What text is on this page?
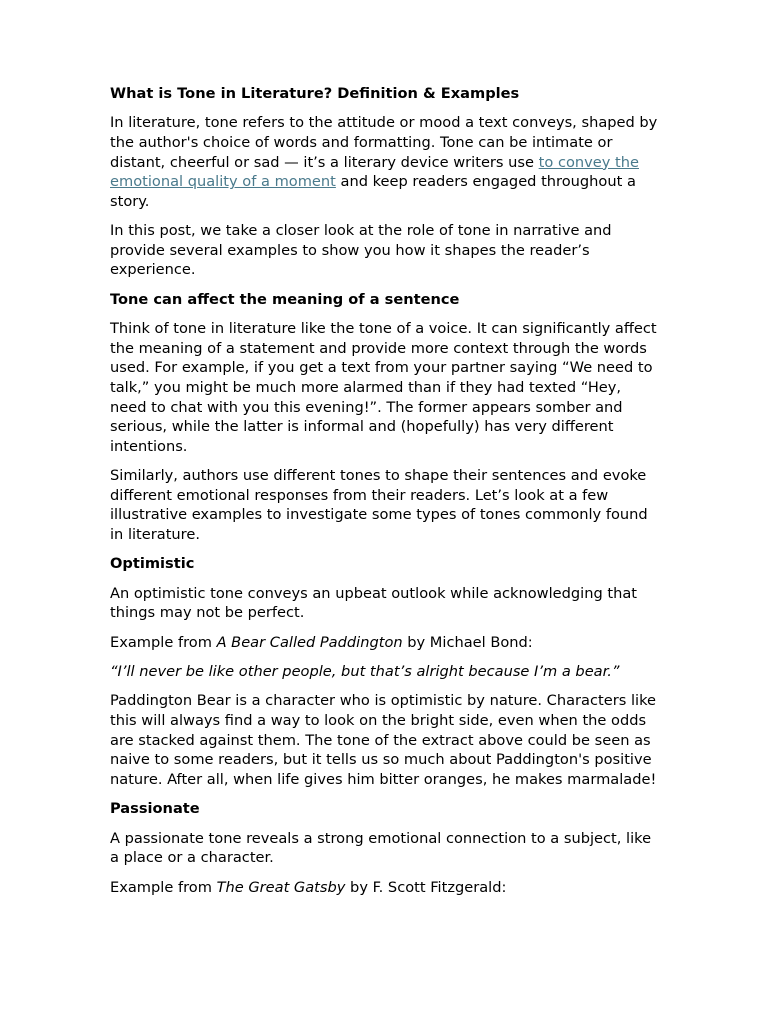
What is Tone in Literature? Definition & Examples

In literature, tone refers to the attitude or mood a text conveys, shaped by the author's choice of words and formatting. Tone can be intimate or distant, cheerful or sad — it’s a literary device writers use to convey the emotional quality of a moment and keep readers engaged throughout a story.

In this post, we take a closer look at the role of tone in narrative and provide several examples to show you how it shapes the reader’s experience.

Tone can affect the meaning of a sentence

Think of tone in literature like the tone of a voice. It can significantly affect the meaning of a statement and provide more context through the words used. For example, if you get a text from your partner saying “We need to talk,” you might be much more alarmed than if they had texted “Hey, need to chat with you this evening!”. The former appears somber and serious, while the latter is informal and (hopefully) has very different intentions.

Similarly, authors use different tones to shape their sentences and evoke different emotional responses from their readers. Let’s look at a few illustrative examples to investigate some types of tones commonly found in literature.

Optimistic

An optimistic tone conveys an upbeat outlook while acknowledging that things may not be perfect.

Example from A Bear Called Paddington by Michael Bond:

“I’ll never be like other people, but that’s alright because I’m a bear.”

Paddington Bear is a character who is optimistic by nature. Characters like this will always find a way to look on the bright side, even when the odds are stacked against them. The tone of the extract above could be seen as naive to some readers, but it tells us so much about Paddington's positive nature. After all, when life gives him bitter oranges, he makes marmalade!

Passionate

A passionate tone reveals a strong emotional connection to a subject, like a place or a character.

Example from The Great Gatsby by F. Scott Fitzgerald:
